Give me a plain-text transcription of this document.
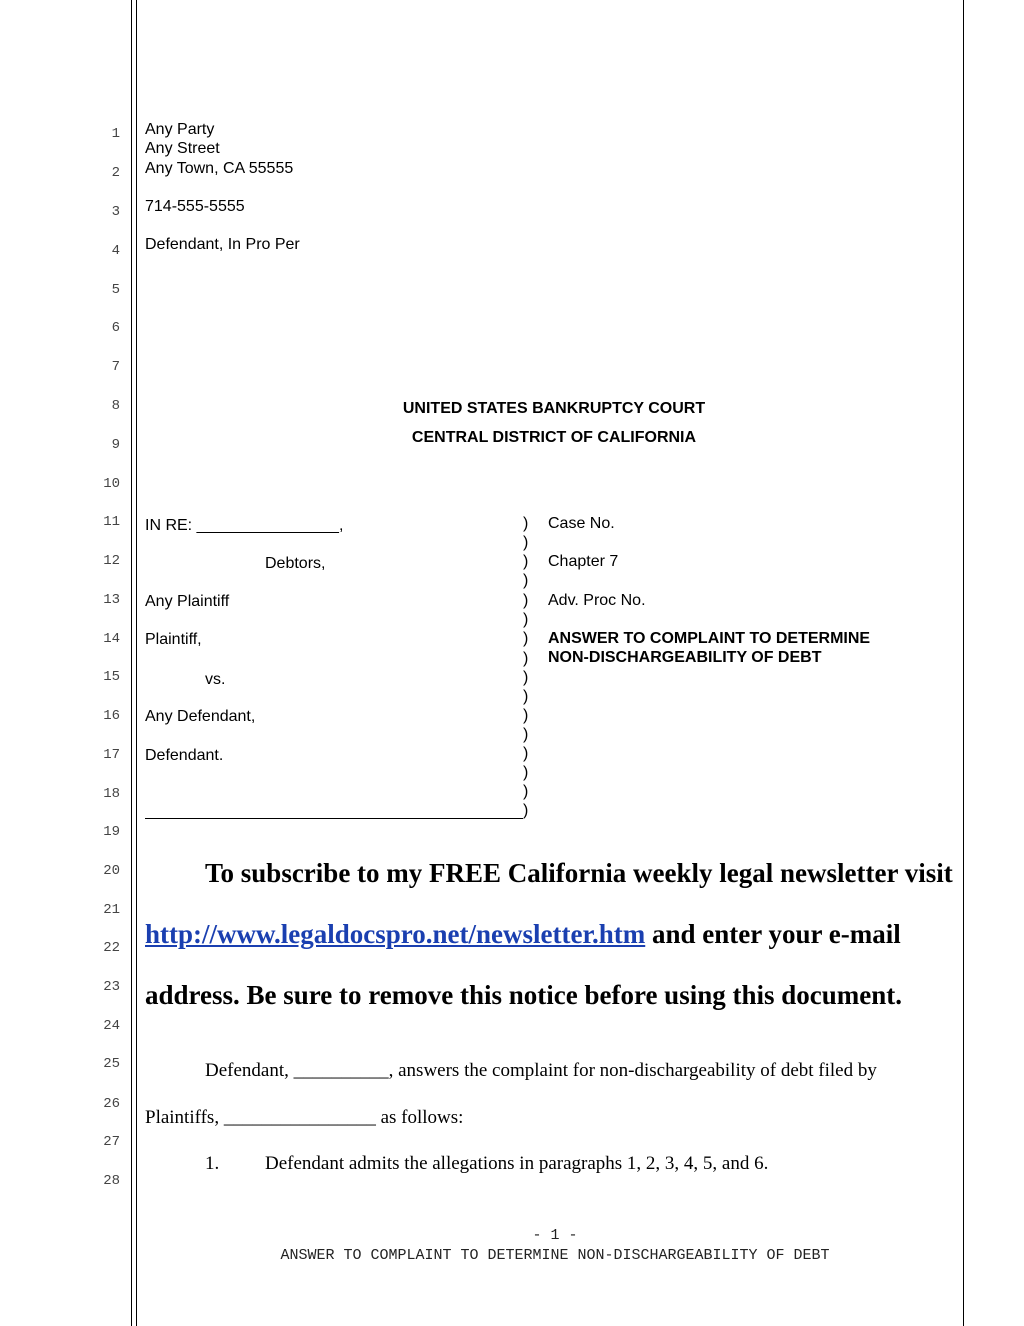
1
2
3
4
5
6
7
8
9
10
11
12
13
14
15
16
17
18
19
20
21
22
23
24
25
26
27
28
Any Party
Any Street
Any Town, CA 55555
714-555-5555
Defendant, In Pro Per
UNITED STATES BANKRUPTCY COURT
CENTRAL DISTRICT OF CALIFORNIA
IN RE: ________________,
Debtors,
Any Plaintiff
Plaintiff,
vs.
Any Defendant,
Defendant.
)
)
)
)
)
)
)
)
)
)
)
)
)
)
)
)
Case No.
Chapter 7
Adv. Proc No.
ANSWER TO COMPLAINT TO DETERMINE
NON-DISCHARGEABILITY OF DEBT
To subscribe to my FREE California weekly legal newsletter visit
http://www.legaldocspro.net/newsletter.htm and enter your e-mail
address. Be sure to remove this notice before using this document.
Defendant, __________, answers the complaint for non-dischargeability of debt filed by
Plaintiffs, ________________ as follows:
1. Defendant admits the allegations in paragraphs 1, 2, 3, 4, 5, and 6.
- 1 -
ANSWER TO COMPLAINT TO DETERMINE NON-DISCHARGEABILITY OF DEBT
